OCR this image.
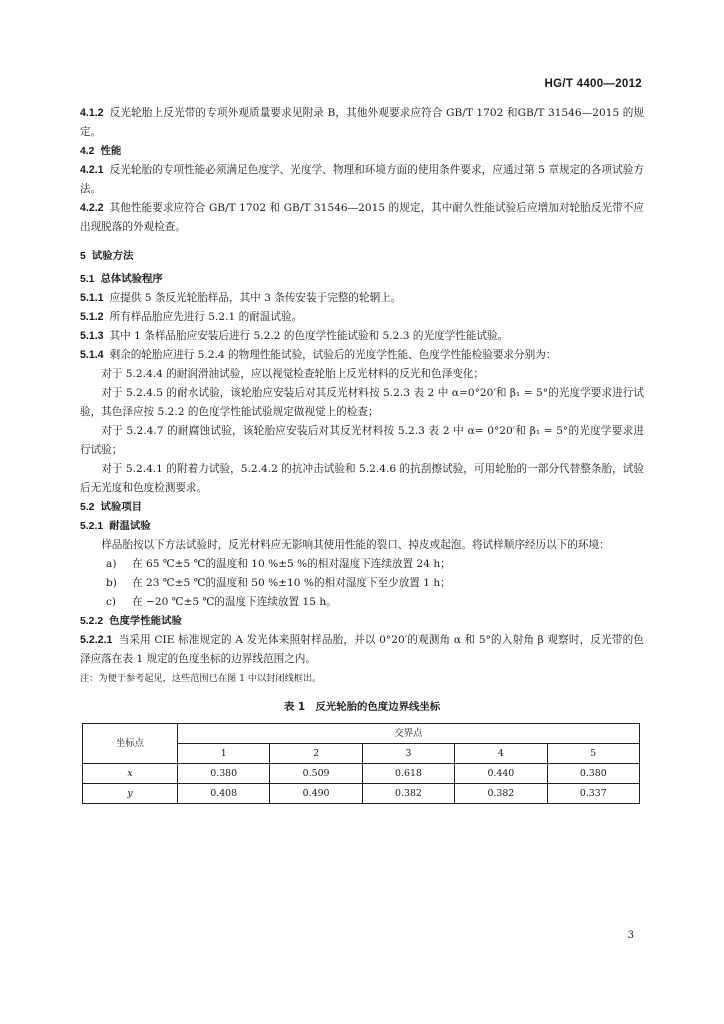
HG/T 4400—2012

4.1.2 反光轮胎上反光带的专项外观质量要求见附录 B，其他外观要求应符合 GB/T 1702 和GB/T 31546—2015 的规定。

4.2 性能

4.2.1 反光轮胎的专项性能必须满足色度学、光度学、物理和环境方面的使用条件要求，应通过第 5 章规定的各项试验方法。

4.2.2 其他性能要求应符合 GB/T 1702 和 GB/T 31546—2015 的规定，其中耐久性能试验后应增加对轮胎反光带不应出现脱落的外观检查。

5 试验方法

5.1 总体试验程序

5.1.1 应提供 5 条反光轮胎样品，其中 3 条传安装于完整的轮辋上。

5.1.2 所有样品胎应先进行 5.2.1 的耐温试验。

5.1.3 其中 1 条样品胎应安装后进行 5.2.2 的色度学性能试验和 5.2.3 的光度学性能试验。

5.1.4 剩余的轮胎应进行 5.2.4 的物理性能试验，试验后的光度学性能、色度学性能检验要求分别为：

对于 5.2.4.4 的耐润滑油试验，应以视觉检查轮胎上反光材料的反光和色泽变化；

对于 5.2.4.5 的耐水试验，该轮胎应安装后对其反光材料按 5.2.3 表 2 中 α=0°20′和 β₁ = 5°的光度学要求进行试验，其色泽应按 5.2.2 的色度学性能试验规定做视觉上的检查；

对于 5.2.4.7 的耐腐蚀试验，该轮胎应安装后对其反光材料按 5.2.3 表 2 中 α= 0°20′和 β₁ = 5°的光度学要求进行试验；

对于 5.2.4.1 的附着力试验，5.2.4.2 的抗冲击试验和 5.2.4.6 的抗刮擦试验，可用轮胎的一部分代替整条胎，试验后无光度和色度检测要求。

5.2 试验项目

5.2.1 耐温试验

样品胎按以下方法试验时，反光材料应无影响其使用性能的裂口、掉皮或起泡。将试样顺序经历以下的环境：

a) 在 65 ℃±5 ℃的温度和 10 %±5 %的相对湿度下连续放置 24 h；

b) 在 23 ℃±5 ℃的温度和 50 %±10 %的相对湿度下至少放置 1 h；

c) 在 −20 ℃±5 ℃的温度下连续放置 15 h。

5.2.2 色度学性能试验

5.2.2.1 当采用 CIE 标准规定的 A 发光体来照射样品胎，并以 0°20′的观测角 α 和 5°的入射角 β 观察时，反光带的色泽应落在表 1 规定的色度坐标的边界线范围之内。

注：为便于参考起见，这些范围已在图 1 中以封闭线框出。

表 1　反光轮胎的色度边界线坐标

坐标点	交界点				
	1	2	3	4	5
x	0.380	0.509	0.618	0.440	0.380
y	0.408	0.490	0.382	0.382	0.337
3
